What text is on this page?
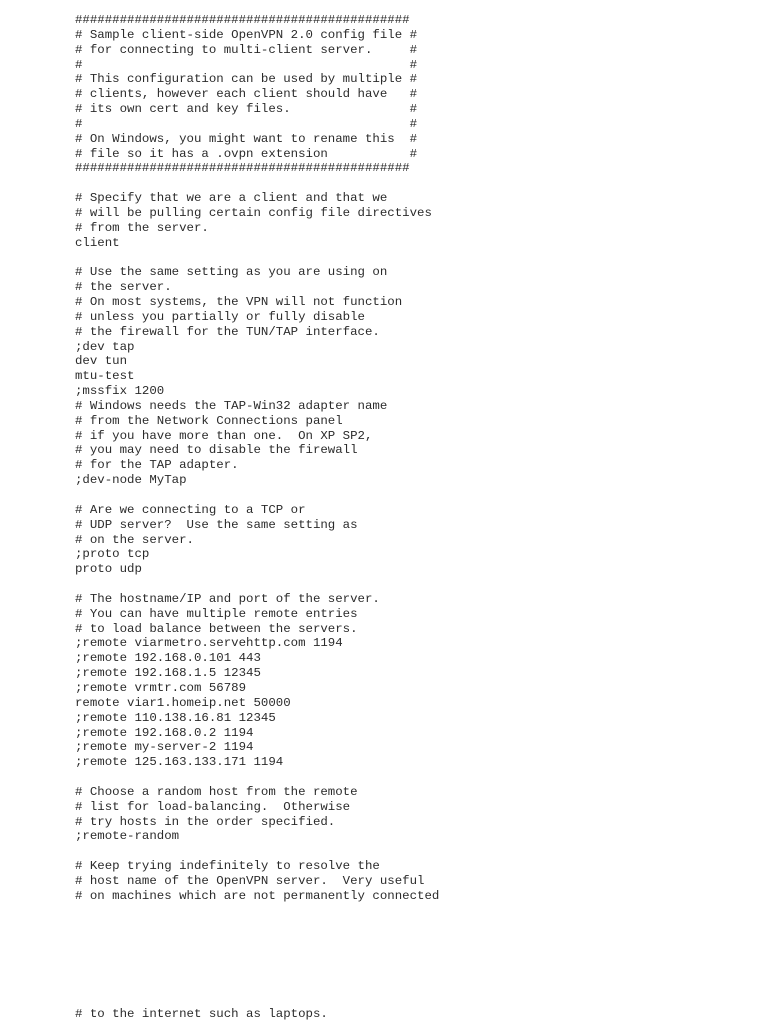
#############################################
# Sample client-side OpenVPN 2.0 config file #
# for connecting to multi-client server.     #
#                                            #
# This configuration can be used by multiple #
# clients, however each client should have   #
# its own cert and key files.                #
#                                            #
# On Windows, you might want to rename this  #
# file so it has a .ovpn extension           #
#############################################

# Specify that we are a client and that we
# will be pulling certain config file directives
# from the server.
client

# Use the same setting as you are using on
# the server.
# On most systems, the VPN will not function
# unless you partially or fully disable
# the firewall for the TUN/TAP interface.
;dev tap
dev tun
mtu-test
;mssfix 1200
# Windows needs the TAP-Win32 adapter name
# from the Network Connections panel
# if you have more than one.  On XP SP2,
# you may need to disable the firewall
# for the TAP adapter.
;dev-node MyTap

# Are we connecting to a TCP or
# UDP server?  Use the same setting as
# on the server.
;proto tcp
proto udp

# The hostname/IP and port of the server.
# You can have multiple remote entries
# to load balance between the servers.
;remote viarmetro.servehttp.com 1194
;remote 192.168.0.101 443
;remote 192.168.1.5 12345
;remote vrmtr.com 56789
remote viar1.homeip.net 50000
;remote 110.138.16.81 12345
;remote 192.168.0.2 1194
;remote my-server-2 1194
;remote 125.163.133.171 1194

# Choose a random host from the remote
# list for load-balancing.  Otherwise
# try hosts in the order specified.
;remote-random

# Keep trying indefinitely to resolve the
# host name of the OpenVPN server.  Very useful
# on machines which are not permanently connected
# to the internet such as laptops.
